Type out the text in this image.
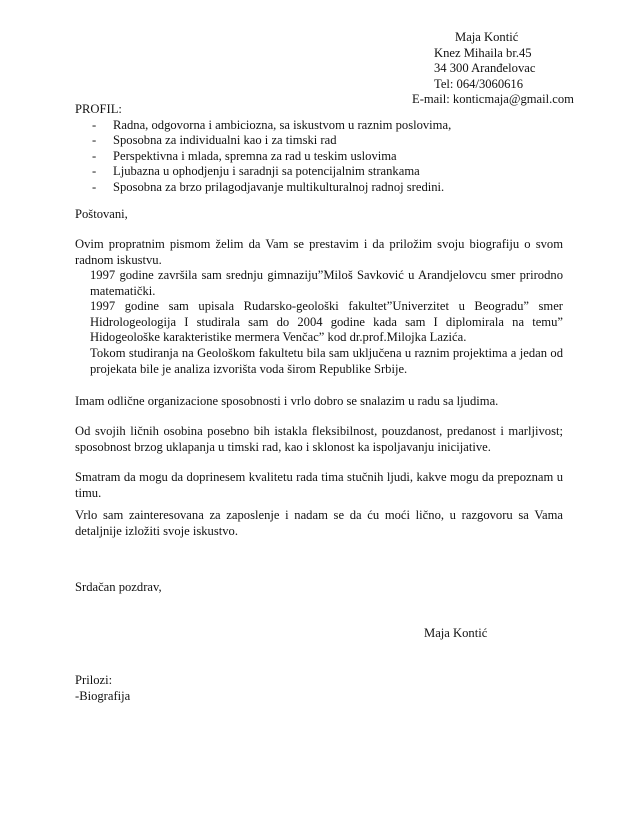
Maja Kontić
Knez Mihaila br.45
34 300 Aranđelovac
Tel: 064/3060616
E-mail: konticmaja@gmail.com
PROFIL:
- Radna, odgovorna i ambiciozna, sa iskustvom u raznim poslovima,
- Sposobna za individualni kao i za timski rad
- Perspektivna i mlada, spremna za rad u teskim uslovima
- Ljubazna u ophodjenju i saradnji sa potencijalnim strankama
- Sposobna za brzo prilagodjavanje multikulturalnoj radnoj sredini.
Poštovani,
Ovim propratnim pismom želim da Vam se prestavim i da priložim svoju biografiju o svom radnom iskustvu.

1997 godine završila sam srednju gimnaziju”Miloš Savković u Arandjelovcu smer prirodno matematički.

1997 godine sam upisala Rudarsko-geološki fakultet”Univerzitet u Beogradu” smer Hidrologeologija I studirala sam do 2004 godine kada sam I diplomirala na temu” Hidogeološke karakteristike mermera Venčac” kod dr.prof.Milojka Lazića.

Tokom studiranja na Geološkom fakultetu bila sam uključena u raznim projektima a jedan od projekata bile je analiza izvorišta voda širom Republike Srbije.

Imam odlične organizacione sposobnosti i vrlo dobro se snalazim u radu sa ljudima.
Od svojih ličnih osobina posebno bih istakla fleksibilnost, pouzdanost, predanost i marljivost; sposobnost brzog uklapanja u timski rad, kao i sklonost ka ispoljavanju inicijative.
Smatram da mogu da doprinesem kvalitetu rada tima stučnih ljudi, kakve mogu da prepoznam u timu.
Vrlo sam zainteresovana za zaposlenje i nadam se da ću moći lično, u razgovoru sa Vama detaljnije izložiti svoje iskustvo.
Srdačan pozdrav,
Maja Kontić
Prilozi:
-Biografija
